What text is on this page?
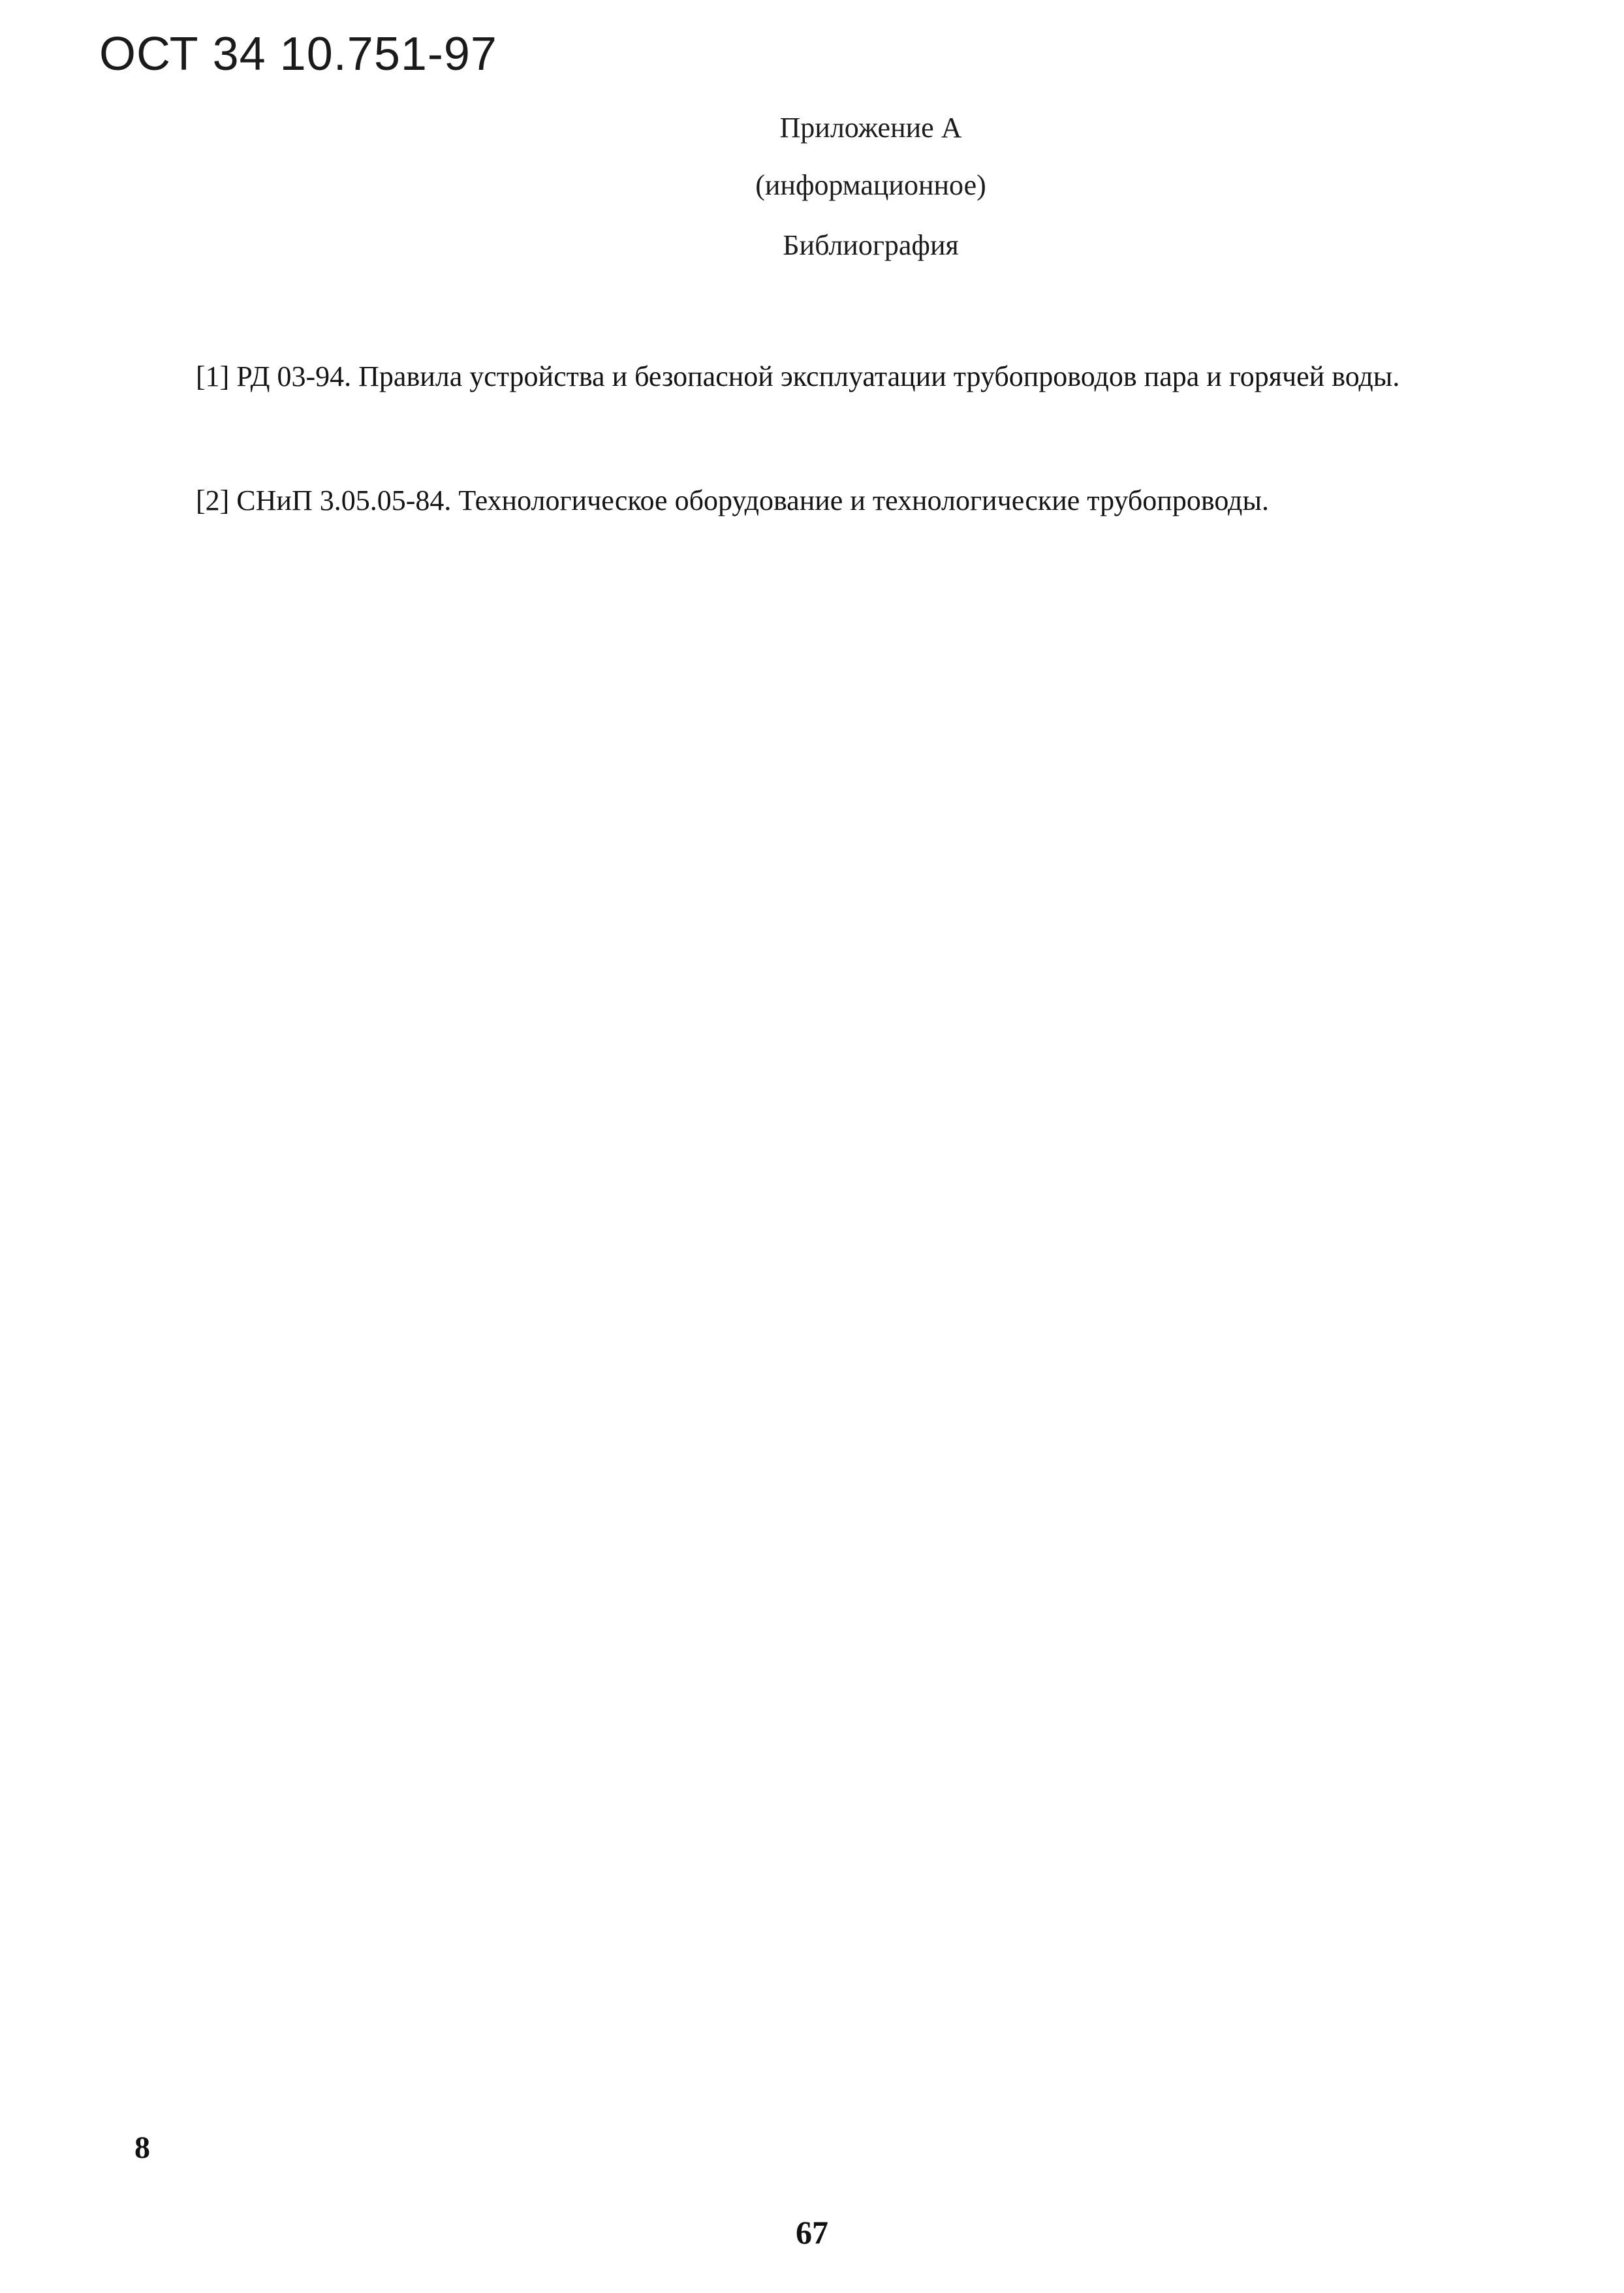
ОСТ 34 10.751-97
Приложение А
(информационное)
Библиография

[1] РД 03-94. Правила устройства и безопасной эксплуатации трубопроводов пара и горячей воды.

[2] СНиП 3.05.05-84. Технологическое оборудование и технологические трубопроводы.

8
67
